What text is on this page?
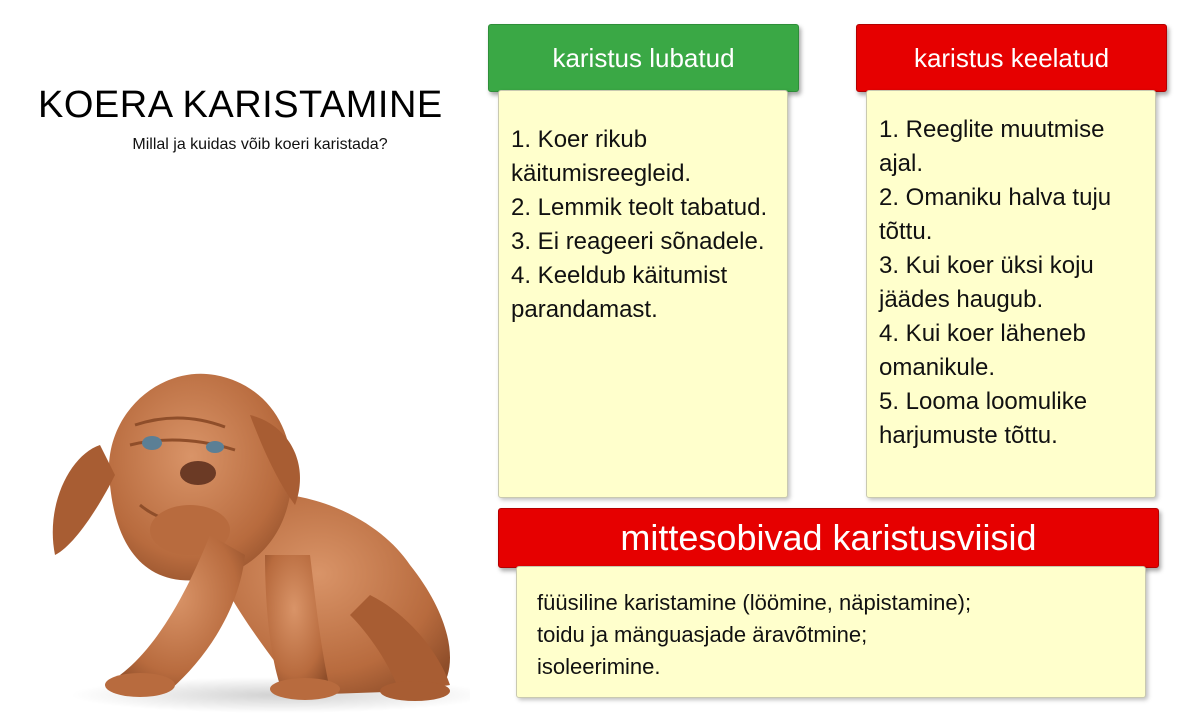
KOERA KARISTAMINE
Millal ja kuidas võib koeri karistada?
karistus lubatud
1. Koer rikub käitumisreegleid.
2. Lemmik teolt tabatud.
3. Ei reageeri sõnadele.
4. Keeldub käitumist parandamast.
karistus keelatud
1. Reeglite muutmise ajal.
2. Omaniku halva tuju tõttu.
3. Kui koer üksi koju jäädes haugub.
4. Kui koer läheneb omanikule.
5. Looma loomulike harjumuste tõttu.
mittesobivad karistusviisid
füüsiline karistamine (löömine, näpistamine);
toidu ja mänguasjade äravõtmine;
isoleerimine.
